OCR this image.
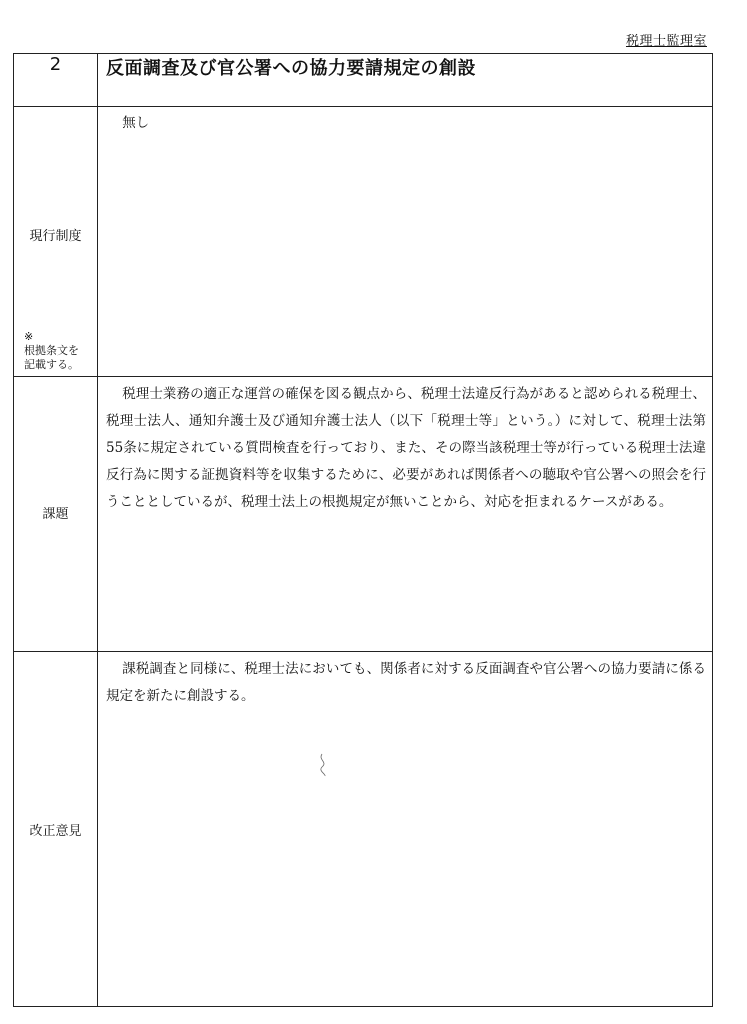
税理士監理室
2	反面調査及び官公署への協力要請規定の創設

現行制度
※
根拠条文を
記載する。	無し

課題	税理士業務の適正な運営の確保を図る観点から、税理士法違反行為があると認められる税理士、税理士法人、通知弁護士及び通知弁護士法人（以下「税理士等」という。）に対して、税理士法第55条に規定されている質問検査を行っており、また、その際当該税理士等が行っている税理士法違反行為に関する証拠資料等を収集するために、必要があれば関係者への聴取や官公署への照会を行うこととしているが、税理士法上の根拠規定が無いことから、対応を拒まれるケースがある。

改正意見	課税調査と同様に、税理士法においても、関係者に対する反面調査や官公署への協力要請に係る規定を新たに創設する。
